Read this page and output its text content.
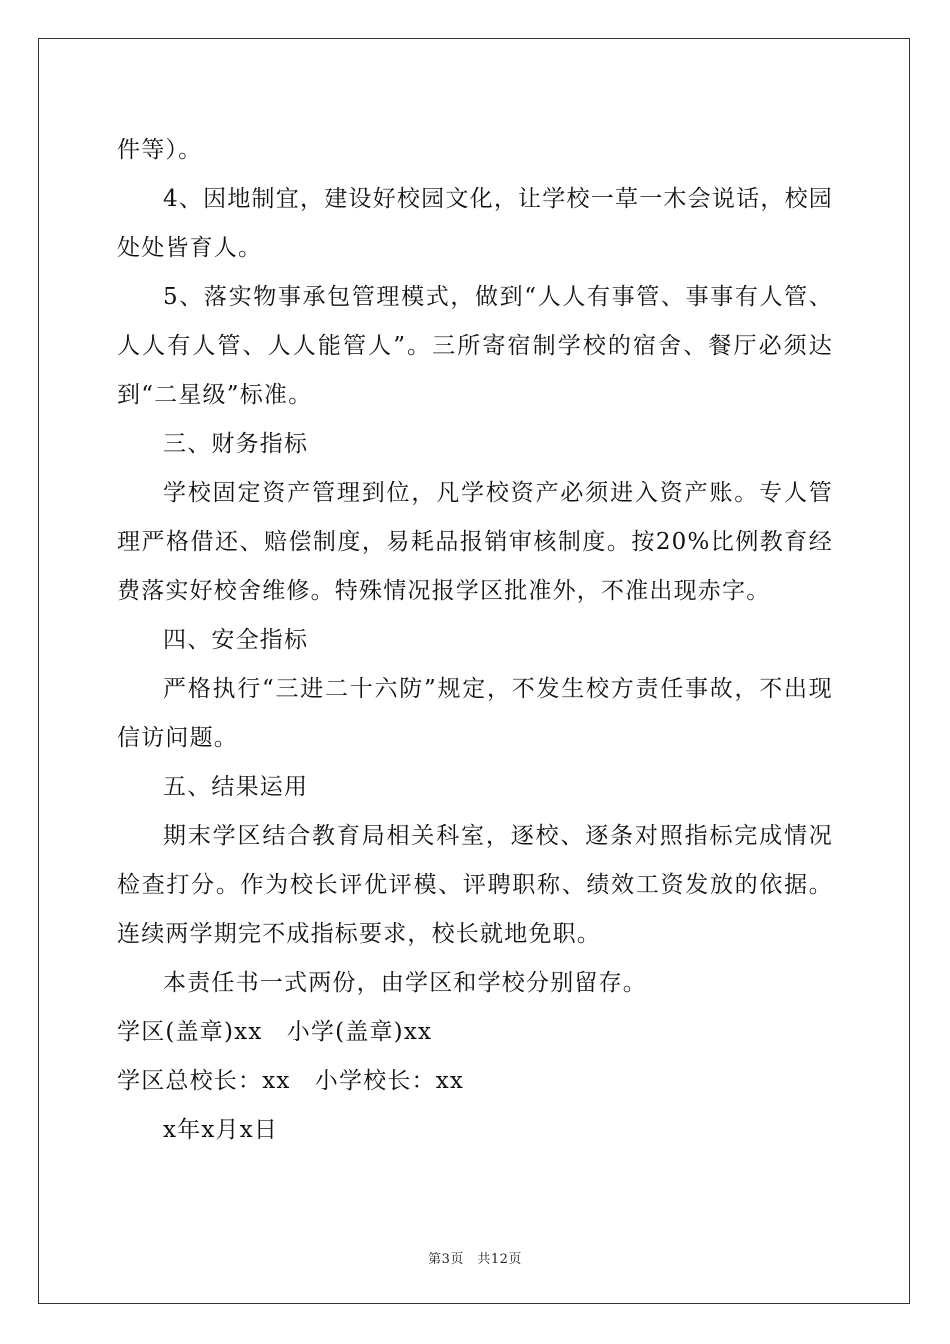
件等）。

4、因地制宜，建设好校园文化，让学校一草一木会说话，校园处处皆育人。

5、落实物事承包管理模式，做到“人人有事管、事事有人管、人人有人管、人人能管人”。三所寄宿制学校的宿舍、餐厅必须达到“二星级”标准。

三、财务指标

学校固定资产管理到位，凡学校资产必须进入资产账。专人管理严格借还、赔偿制度，易耗品报销审核制度。按20%比例教育经费落实好校舍维修。特殊情况报学区批准外，不准出现赤字。

四、安全指标

严格执行“三进二十六防”规定，不发生校方责任事故，不出现信访问题。

五、结果运用

期末学区结合教育局相关科室，逐校、逐条对照指标完成情况检查打分。作为校长评优评模、评聘职称、绩效工资发放的依据。连续两学期完不成指标要求，校长就地免职。

本责任书一式两份，由学区和学校分别留存。

学区(盖章)xx　小学(盖章)xx

学区总校长：xx　小学校长：xx

x年x月x日

第3页　共12页
